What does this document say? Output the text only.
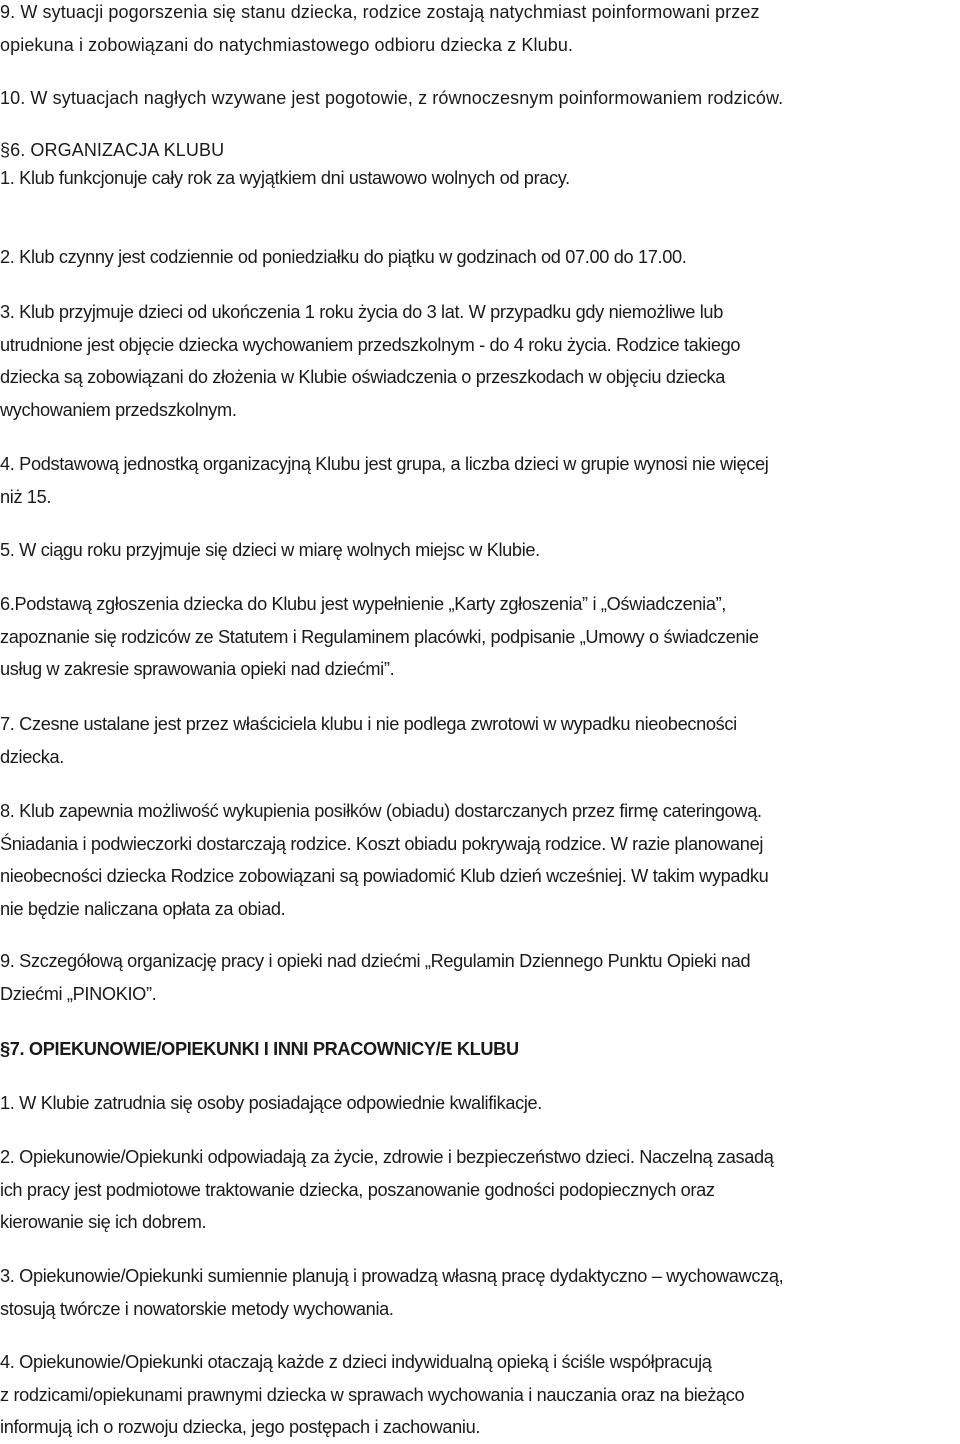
9. W sytuacji pogorszenia się stanu dziecka, rodzice zostają natychmiast poinformowani przez
opiekuna i zobowiązani do natychmiastowego odbioru dziecka z Klubu.

10. W sytuacjach nagłych wzywane jest pogotowie, z równoczesnym poinformowaniem rodziców.

§6. ORGANIZACJA KLUBU

1. Klub funkcjonuje cały rok za wyjątkiem dni ustawowo wolnych od pracy.

2. Klub czynny jest codziennie od poniedziałku do piątku w godzinach od 07.00 do 17.00.

3. Klub przyjmuje dzieci od ukończenia 1 roku życia do 3 lat. W przypadku gdy niemożliwe lub
utrudnione jest objęcie dziecka wychowaniem przedszkolnym - do 4 roku życia. Rodzice takiego
dziecka są zobowiązani do złożenia w Klubie oświadczenia o przeszkodach w objęciu dziecka
wychowaniem przedszkolnym.

4. Podstawową jednostką organizacyjną Klubu jest grupa, a liczba dzieci w grupie wynosi nie więcej
niż 15.

5. W ciągu roku przyjmuje się dzieci w miarę wolnych miejsc w Klubie.

6.Podstawą zgłoszenia dziecka do Klubu jest wypełnienie „Karty zgłoszenia” i „Oświadczenia”,
zapoznanie się rodziców ze Statutem i Regulaminem placówki, podpisanie „Umowy o świadczenie
usług w zakresie sprawowania opieki nad dziećmi”.

7. Czesne ustalane jest przez właściciela klubu i nie podlega zwrotowi w wypadku nieobecności
dziecka.

8. Klub zapewnia możliwość wykupienia posiłków (obiadu) dostarczanych przez firmę cateringową.
Śniadania i podwieczorki dostarczają rodzice. Koszt obiadu pokrywają rodzice. W razie planowanej
nieobecności dziecka Rodzice zobowiązani są powiadomić Klub dzień wcześniej. W takim wypadku
nie będzie naliczana opłata za obiad.

9. Szczegółową organizację pracy i opieki nad dziećmi „Regulamin Dziennego Punktu Opieki nad
Dziećmi „PINOKIO”.

§7. OPIEKUNOWIE/OPIEKUNKI I INNI PRACOWNICY/E KLUBU

1. W Klubie zatrudnia się osoby posiadające odpowiednie kwalifikacje.

2. Opiekunowie/Opiekunki odpowiadają za życie, zdrowie i bezpieczeństwo dzieci. Naczelną zasadą
ich pracy jest podmiotowe traktowanie dziecka, poszanowanie godności podopiecznych oraz
kierowanie się ich dobrem.

3. Opiekunowie/Opiekunki sumiennie planują i prowadzą własną pracę dydaktyczno – wychowawczą,
stosują twórcze i nowatorskie metody wychowania.

4. Opiekunowie/Opiekunki otaczają każde z dzieci indywidualną opieką i ściśle współpracują
z rodzicami/opiekunami prawnymi dziecka w sprawach wychowania i nauczania oraz na bieżąco
informują ich o rozwoju dziecka, jego postępach i zachowaniu.
